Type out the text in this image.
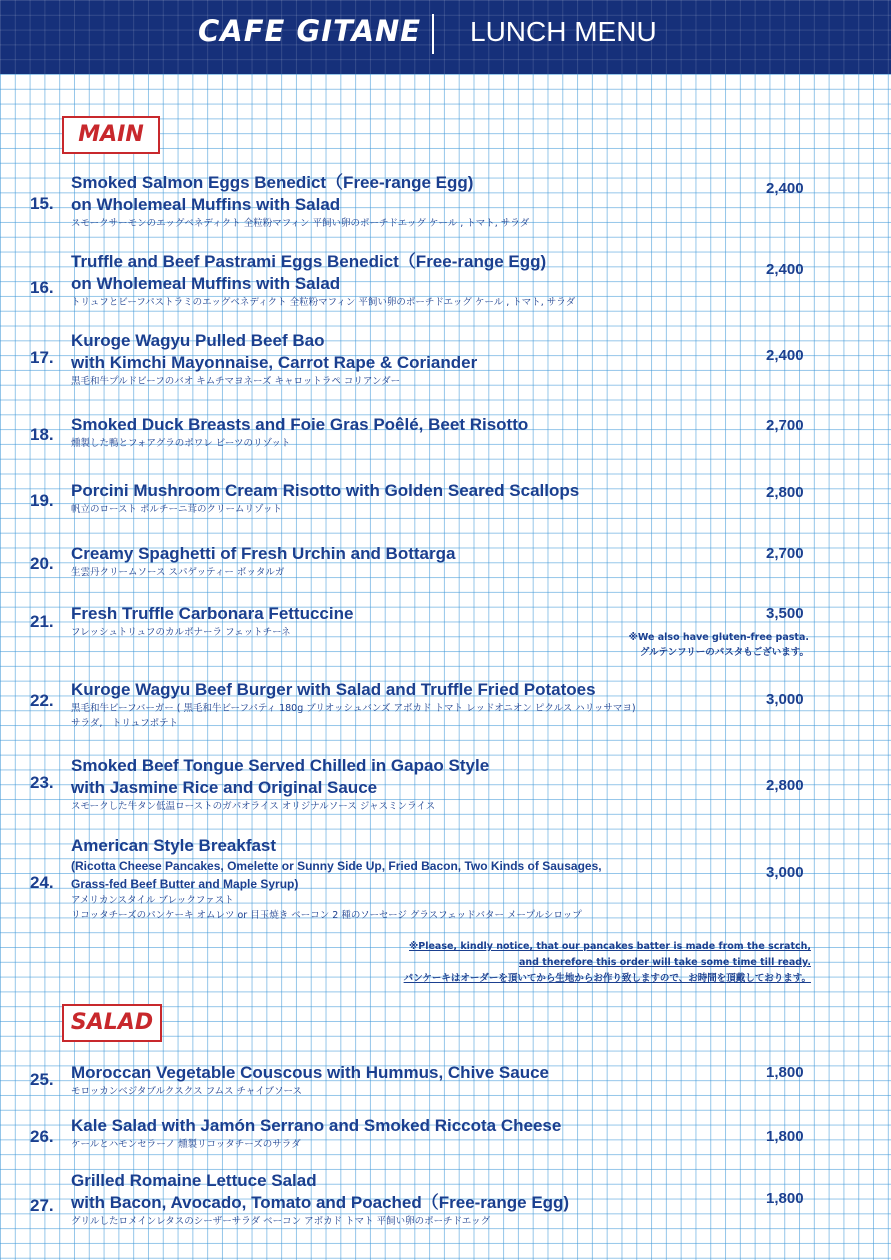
CAFE GITANE LUNCH MENU
MAIN
15.
Smoked Salmon Eggs Benedict（Free-range Egg)
on Wholemeal Muffins with Salad
スモークサーモンのエッグベネディクト 全粒粉マフィン 平飼い卵のポーチドエッグ ケール , トマト, サラダ
2,400
16.
Truffle and Beef Pastrami Eggs Benedict（Free-range Egg)
on Wholemeal Muffins with Salad
トリュフとビーフパストラミのエッグベネディクト 全粒粉マフィン 平飼い卵のポーチドエッグ ケール , トマト, サラダ
2,400
17.
Kuroge Wagyu Pulled Beef Bao
with Kimchi Mayonnaise, Carrot Rape & Coriander
黒毛和牛プルドビーフのバオ キムチマヨネーズ キャロットラペ コリアンダー
2,400
18.
Smoked Duck Breasts and Foie Gras Poêlé, Beet Risotto
燻製した鴨とフォアグラのポワレ ビーツのリゾット
2,700
19.
Porcini Mushroom Cream Risotto with Golden Seared Scallops
帆立のロースト ポルチーニ茸のクリームリゾット
2,800
20.
Creamy Spaghetti of Fresh Urchin and Bottarga
生雲丹クリームソース スパゲッティー ボッタルガ
2,700
21. Fresh Truffle Carbonara Fettuccine
フレッシュトリュフのカルボナーラ フェットチーネ
3,500
※We also have gluten-free pasta.
グルテンフリーのパスタもございます。
22.
Kuroge Wagyu Beef Burger with Salad and Truffle Fried Potatoes
黒毛和牛ビーフバーガー ( 黒毛和牛ビーフパティ 180g ブリオッシュバンズ アボカド トマト レッドオニオン ピクルス ハリッサマヨ)
サラダ,　トリュフポテト
3,000
23.
Smoked Beef Tongue Served Chilled in Gapao Style
with Jasmine Rice and Original Sauce
スモークした牛タン低温ローストのガパオライス オリジナルソース ジャスミンライス
2,800
24.
American Style Breakfast
(Ricotta Cheese Pancakes, Omelette or Sunny Side Up, Fried Bacon, Two Kinds of Sausages,
Grass-fed Beef Butter and Maple Syrup)
アメリカンスタイル ブレックファスト
リコッタチーズのパンケーキ オムレツ or 目玉焼き ベーコン 2 種のソーセージ グラスフェッドバター メープルシロップ
3,000
※Please, kindly notice, that our pancakes batter is made from the scratch,
and therefore this order will take some time till ready.
パンケーキはオーダーを頂いてから生地からお作り致しますので、お時間を頂戴しております。
SALAD
25. Moroccan Vegetable Couscous with Hummus, Chive Sauce
モロッカンベジタブルクスクス フムス チャイブソース
1,800
26.
Kale Salad with Jamón Serrano and Smoked Riccota Cheese
ケールとハモンセラーノ 燻製リコッタチーズのサラダ	1,800
27.
Grilled Romaine Lettuce Salad
with Bacon, Avocado, Tomato and Poached（Free-range Egg)
グリルしたロメインレタスのシーザーサラダ ベーコン アボカド トマト 平飼い卵のポーチドエッグ
1,800
